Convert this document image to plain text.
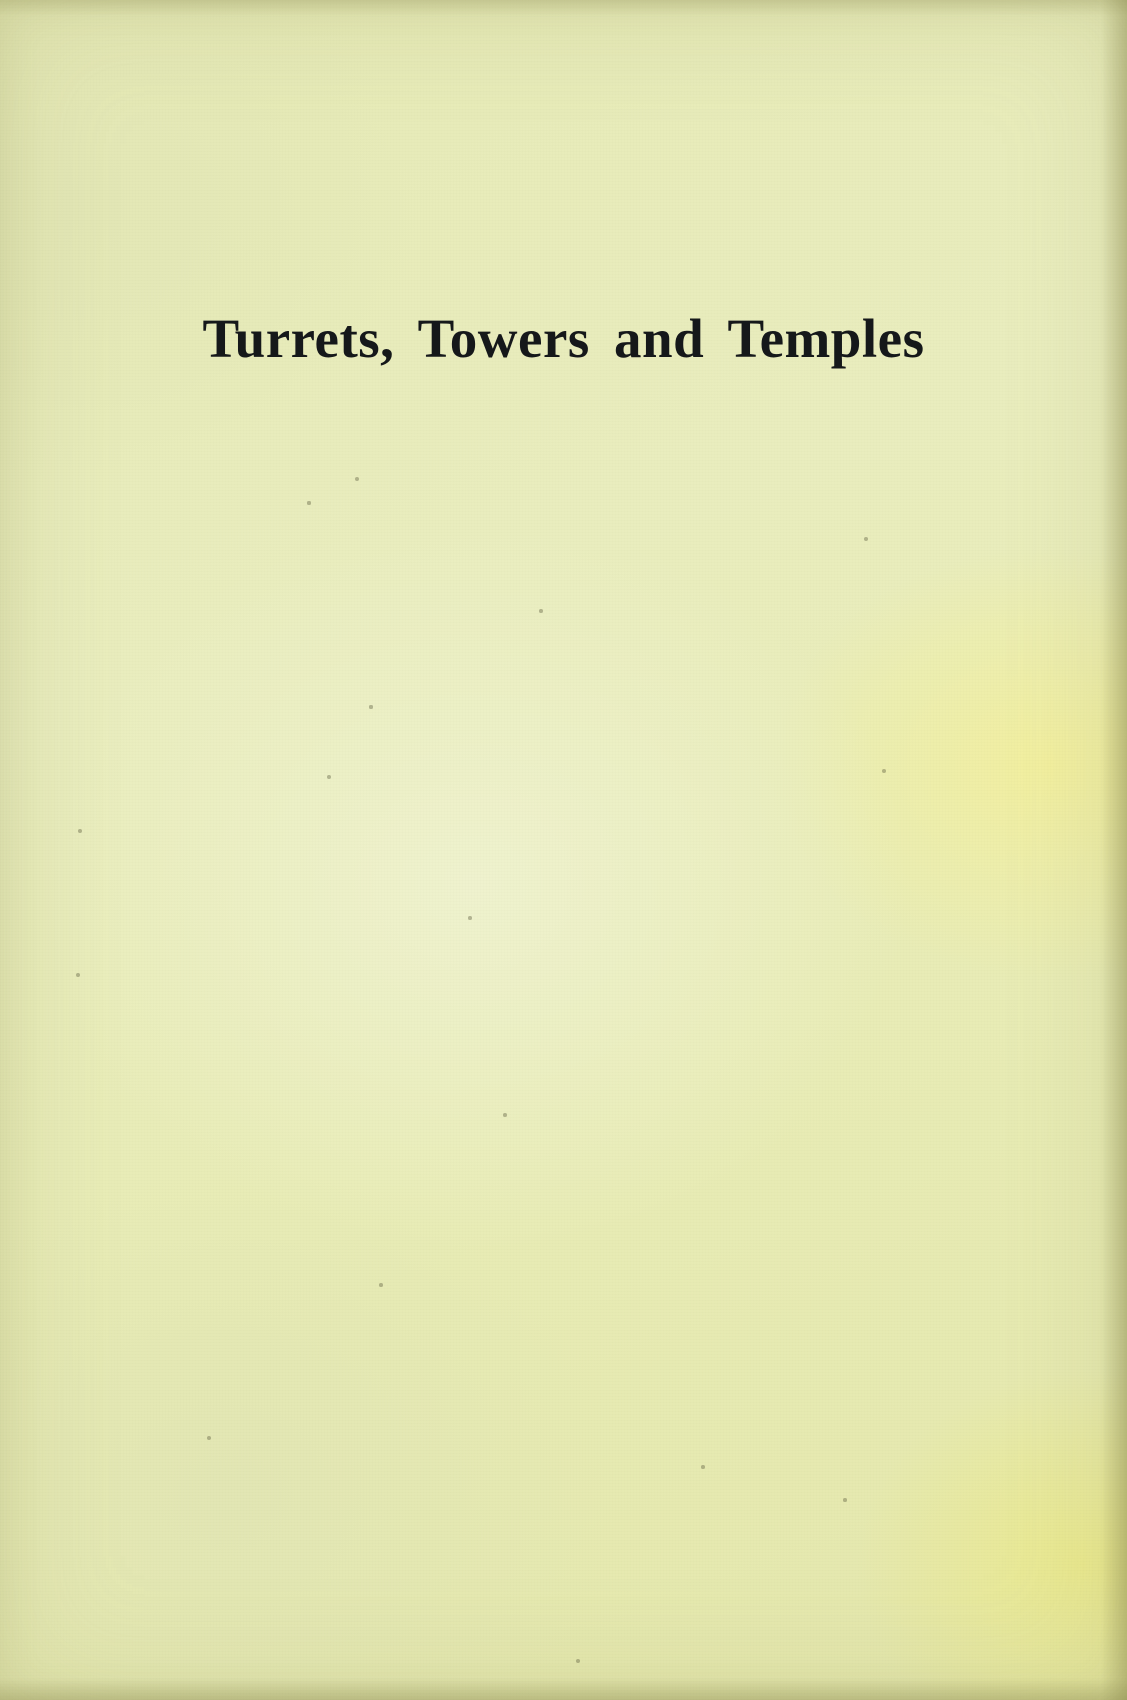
Turrets, Towers and Temples
